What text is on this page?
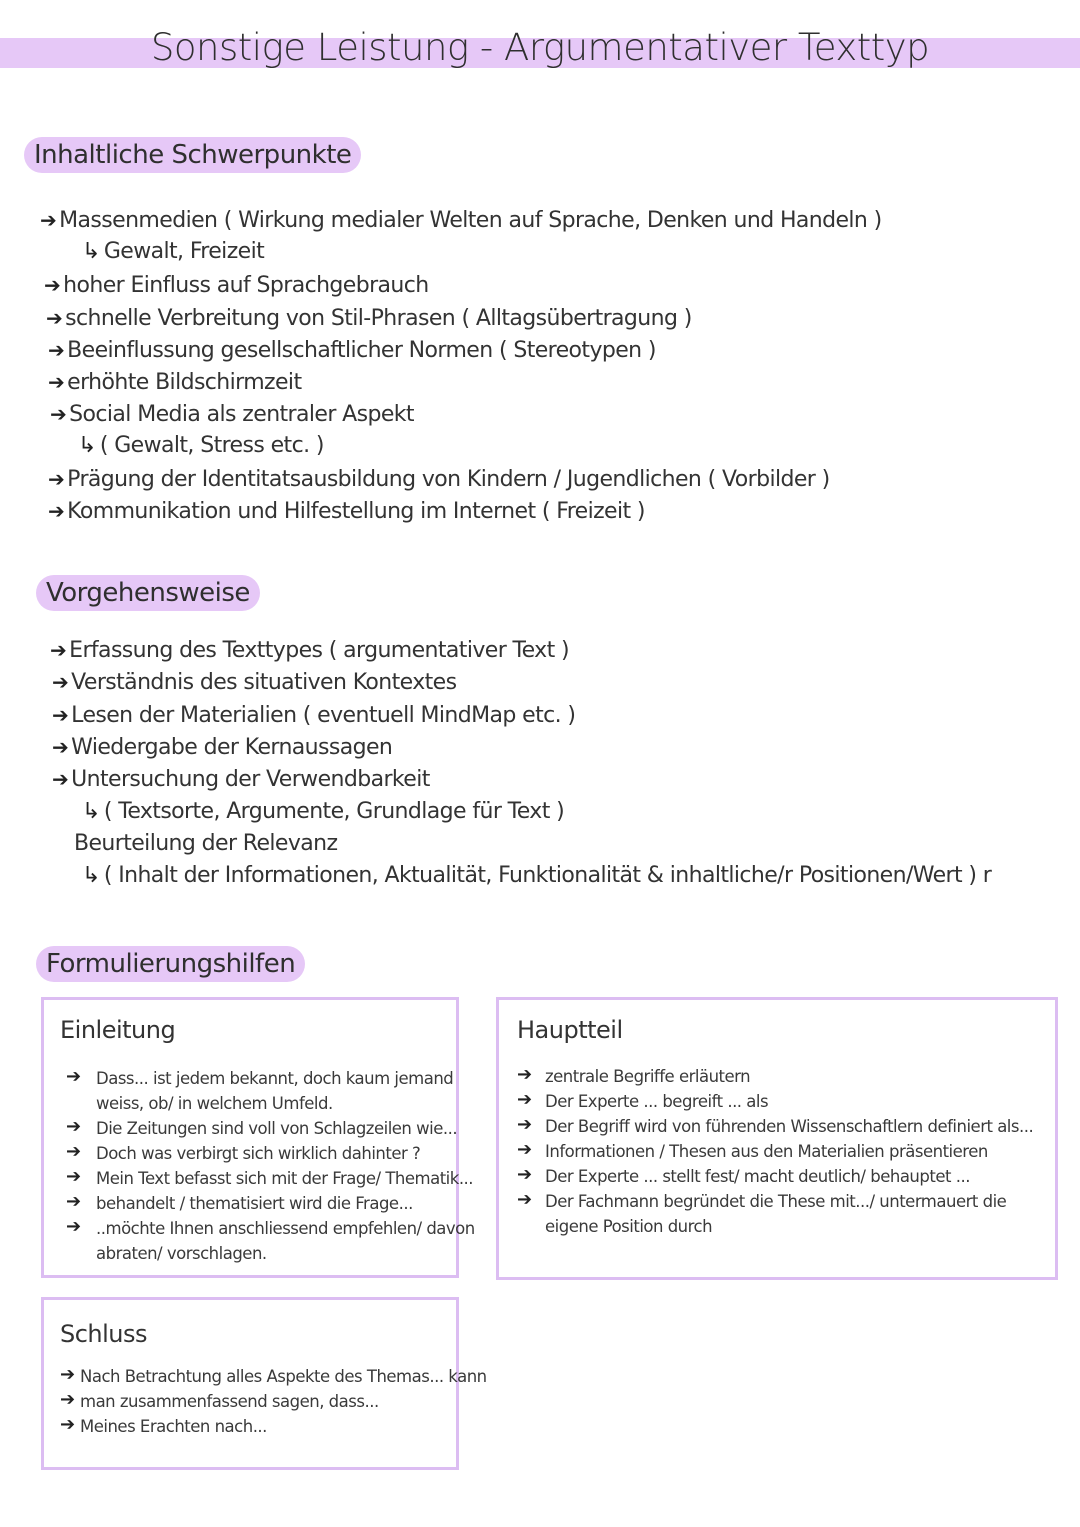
Sonstige Leistung - Argumentativer Texttyp
Inhaltliche Schwerpunkte
➔ Massenmedien ( Wirkung medialer Welten auf Sprache, Denken und Handeln )
↳ Gewalt, Freizeit
➔ hoher Einfluss auf Sprachgebrauch
➔ schnelle Verbreitung von Stil-Phrasen ( Alltagsübertragung )
➔ Beeinflussung gesellschaftlicher Normen ( Stereotypen )
➔ erhöhte Bildschirmzeit
➔ Social Media als zentraler Aspekt
↳ ( Gewalt, Stress etc. )
➔ Prägung der Identitatsausbildung von Kindern / Jugendlichen ( Vorbilder )
➔ Kommunikation und Hilfestellung im Internet ( Freizeit )
Vorgehensweise
➔ Erfassung des Texttypes ( argumentativer Text )
➔ Verständnis des situativen Kontextes
➔ Lesen der Materialien ( eventuell MindMap etc. )
➔ Wiedergabe der Kernaussagen
➔ Untersuchung der Verwendbarkeit
↳ ( Textsorte, Argumente, Grundlage für Text )
Beurteilung der Relevanz
↳ ( Inhalt der Informationen, Aktualität, Funktionalität & inhaltliche/r Positionen/Wert ) r
Formulierungshilfen
Einleitung
➔ Dass... ist jedem bekannt, doch kaum jemand
weiss, ob/ in welchem Umfeld.
➔ Die Zeitungen sind voll von Schlagzeilen wie...
➔ Doch was verbirgt sich wirklich dahinter ?
➔ Mein Text befasst sich mit der Frage/ Thematik...
➔ behandelt / thematisiert wird die Frage...
➔ ..möchte Ihnen anschliessend empfehlen/ davon
abraten/ vorschlagen.
Hauptteil
➔ zentrale Begriffe erläutern
➔ Der Experte ... begreift ... als
➔ Der Begriff wird von führenden Wissenschaftlern definiert als...
➔ Informationen / Thesen aus den Materialien präsentieren
➔ Der Experte ... stellt fest/ macht deutlich/ behauptet ...
➔ Der Fachmann begründet die These mit.../ untermauert die
eigene Position durch
Schluss
➔ Nach Betrachtung alles Aspekte des Themas... kann
➔ man zusammenfassend sagen, dass...
➔ Meines Erachten nach...
